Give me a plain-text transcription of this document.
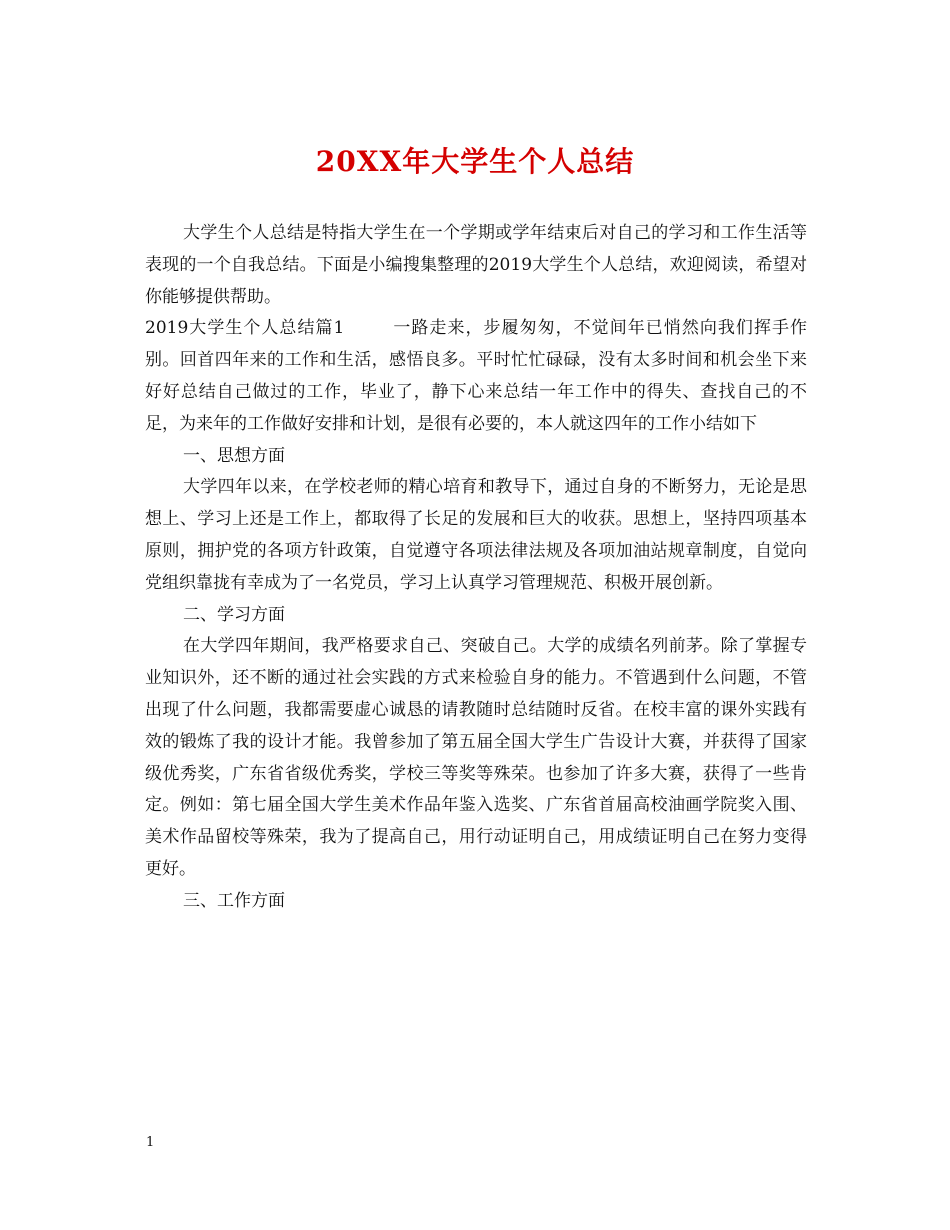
20XX年大学生个人总结

大学生个人总结是特指大学生在一个学期或学年结束后对自己的学习和工作生活等表现的一个自我总结。下面是小编搜集整理的2019大学生个人总结，欢迎阅读，希望对你能够提供帮助。

2019大学生个人总结篇1	一路走来，步履匆匆，不觉间年已悄然向我们挥手作别。回首四年来的工作和生活，感悟良多。平时忙忙碌碌，没有太多时间和机会坐下来好好总结自己做过的工作，毕业了，静下心来总结一年工作中的得失、查找自己的不足，为来年的工作做好安排和计划，是很有必要的，本人就这四年的工作小结如下

一、思想方面

大学四年以来，在学校老师的精心培育和教导下，通过自身的不断努力，无论是思想上、学习上还是工作上，都取得了长足的发展和巨大的收获。思想上，坚持四项基本原则，拥护党的各项方针政策，自觉遵守各项法律法规及各项加油站规章制度，自觉向党组织靠拢有幸成为了一名党员，学习上认真学习管理规范、积极开展创新。

二、学习方面

在大学四年期间，我严格要求自己、突破自己。大学的成绩名列前茅。除了掌握专业知识外，还不断的通过社会实践的方式来检验自身的能力。不管遇到什么问题，不管出现了什么问题，我都需要虚心诚恳的请教随时总结随时反省。在校丰富的课外实践有效的锻炼了我的设计才能。我曾参加了第五届全国大学生广告设计大赛，并获得了国家级优秀奖，广东省省级优秀奖，学校三等奖等殊荣。也参加了许多大赛，获得了一些肯定。例如：第七届全国大学生美术作品年鉴入选奖、广东省首届高校油画学院奖入围、美术作品留校等殊荣，我为了提高自己，用行动证明自己，用成绩证明自己在努力变得更好。

三、工作方面

1
